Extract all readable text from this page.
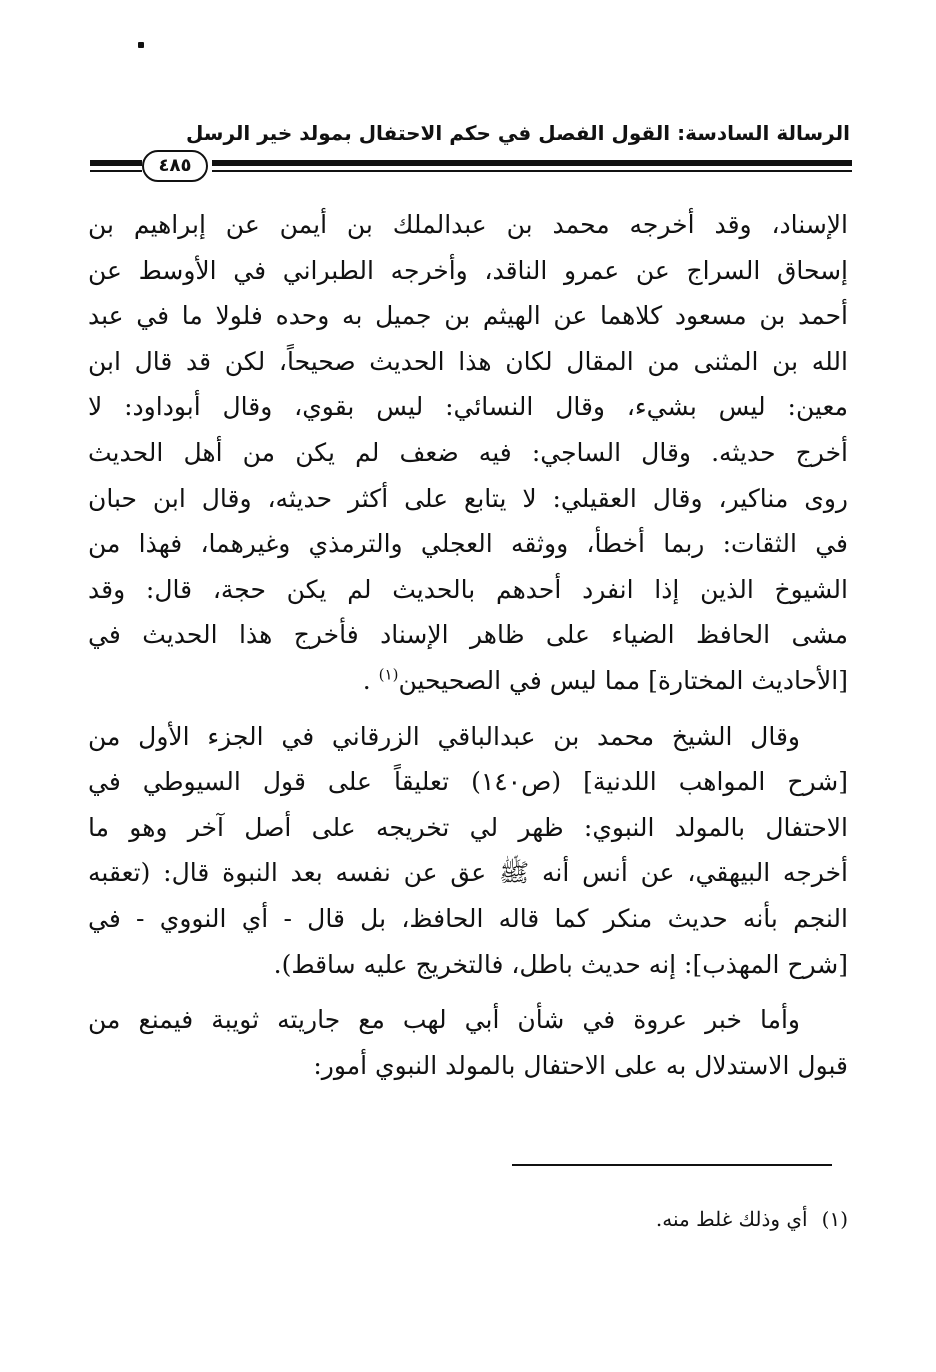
الرسالة السادسة: القول الفصل في حكم الاحتفال بمولد خير الرسل
٤٨٥
الإسناد، وقد أخرجه محمد بن عبدالملك بن أيمن عن إبراهيم بن
إسحاق السراج عن عمرو الناقد، وأخرجه الطبراني في الأوسط عن
أحمد بن مسعود كلاهما عن الهيثم بن جميل به وحده فلولا ما في عبد
الله بن المثنى من المقال لكان هذا الحديث صحيحاً، لكن قد قال ابن
معين: ليس بشيء، وقال النسائي: ليس بقوي، وقال أبوداود: لا
أخرج حديثه. وقال الساجي: فيه ضعف لم يكن من أهل الحديث
روى مناكير، وقال العقيلي: لا يتابع على أكثر حديثه، وقال ابن حبان
في الثقات: ربما أخطأ، ووثقه العجلي والترمذي وغيرهما، فهذا من
الشيوخ الذين إذا انفرد أحدهم بالحديث لم يكن حجة، قال: وقد
مشى الحافظ الضياء على ظاهر الإسناد فأخرج هذا الحديث في
[الأحاديث المختارة] مما ليس في الصحيحين$^{(١)}$ .
وقال الشيخ محمد بن عبدالباقي الزرقاني في الجزء الأول من
[شرح المواهب اللدنية] (ص١٤٠) تعليقاً على قول السيوطي في
الاحتفال بالمولد النبوي: ظهر لي تخريجه على أصل آخر وهو ما
أخرجه البيهقي، عن أنس أنه ﷺ عق عن نفسه بعد النبوة قال: (تعقبه
النجم بأنه حديث منكر كما قاله الحافظ، بل قال - أي النووي - في
[شرح المهذب]: إنه حديث باطل، فالتخريج عليه ساقط).
وأما خبر عروة في شأن أبي لهب مع جاريته ثويبة فيمنع من
قبول الاستدلال به على الاحتفال بالمولد النبوي أمور:
(١)أي وذلك غلط منه.
